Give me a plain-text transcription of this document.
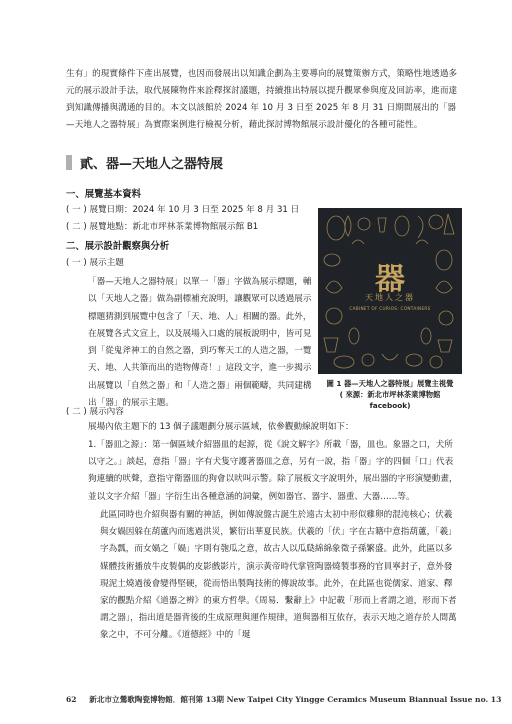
生有」的現實條件下產出展覽，也因而發展出以知識企劃為主要導向的展覽策辦方式，策略性地透過多元的展示設計手法，取代展陳物件來詮釋探討議題，持續推出特展以提升觀眾參與度及回訪率，進而達到知識傳播與溝通的目的。本文以該館於 2024 年 10 月 3 日至 2025 年 8 月 31 日期間展出的「器—天地人之器特展」為實際案例進行檢視分析，藉此探討博物館展示設計優化的各種可能性。

貳、器—天地人之器特展
一、展覽基本資料
( 一 ) 展覽日期：2024 年 10 月 3 日至 2025 年 8 月 31 日
( 二 ) 展覽地點：新北市坪林茶業博物館展示館 B1
二、展示設計觀察與分析
( 一 ) 展示主題

「器—天地人之器特展」以單一「器」字做為展示標題，輔以「天地人之器」做為副標補充說明，讓觀眾可以透過展示標題猜測到展覽中包含了「天、地、人」相關的器。此外，在展覽各式文宣上，以及展場入口處的展板說明中，皆可見到「從鬼斧神工的自然之器，到巧奪天工的人造之器，一覽天、地、人共筆而出的造物傳奇！」這段文字，進一步揭示出展覽以「自然之器」和「人造之器」兩個範疇，共同建構出「器」的展示主題。

器
天地人之器
CABINET OF CURIOS: CONTAINERS
圖 1 器—天地人之器特展」展覽主視覺
( 來源：新北市坪林茶業博物館 facebook)
( 二 ) 展示內容
展場內依主題下的 13 個子議題劃分展示區域，依參觀動線說明如下：

1.「器皿之源」：第一個區域介紹器皿的起源，從《說文解字》所載「器，皿也。象器之口，犬所以守之。」談起，意指「器」字有犬隻守護著器皿之意，另有一說，指「器」字的四個「口」代表狗連續的吠聲，意指守衛器皿的狗會以吠叫示警。除了展板文字說明外，展出器的字形演變動畫，並以文字介紹「器」字衍生出各種意涵的詞彙，例如器官、器宇、器重、大器……等。

此區同時也介紹與器有關的神話，例如傳說盤古誕生於遠古太初中形似雞卵的混沌核心；伏羲與女媧因躲在葫蘆內而逃過洪災，繁衍出華夏民族。伏羲的「伏」字在古籍中意指葫蘆，「羲」字為瓢，而女媧之「媧」字則有匏瓜之意，故古人以瓜瓞綿綿象徵子孫繁盛。此外，此區以多媒體技術播放牛皮製偶的皮影戲影片，演示黃帝時代掌管陶器燒製事務的官員寧封子，意外發現泥土燒過後會變得堅硬，從而悟出製陶技術的傳說故事。此外，在此區也從儒家、道家、釋家的觀點介紹《道器之辨》的東方哲學。《周易．繫辭上》中記載「形而上者謂之道，形而下者謂之器」，指出道是器背後的生成原理與運作規律，道與器相互依存，表示天地之道存於人間萬象之中，不可分離。《道德經》中的「埏

62 新北市立鶯歌陶瓷博物館．館刊第 13期 New Taipei City Yingge Ceramics Museum Biannual Issue no. 13
